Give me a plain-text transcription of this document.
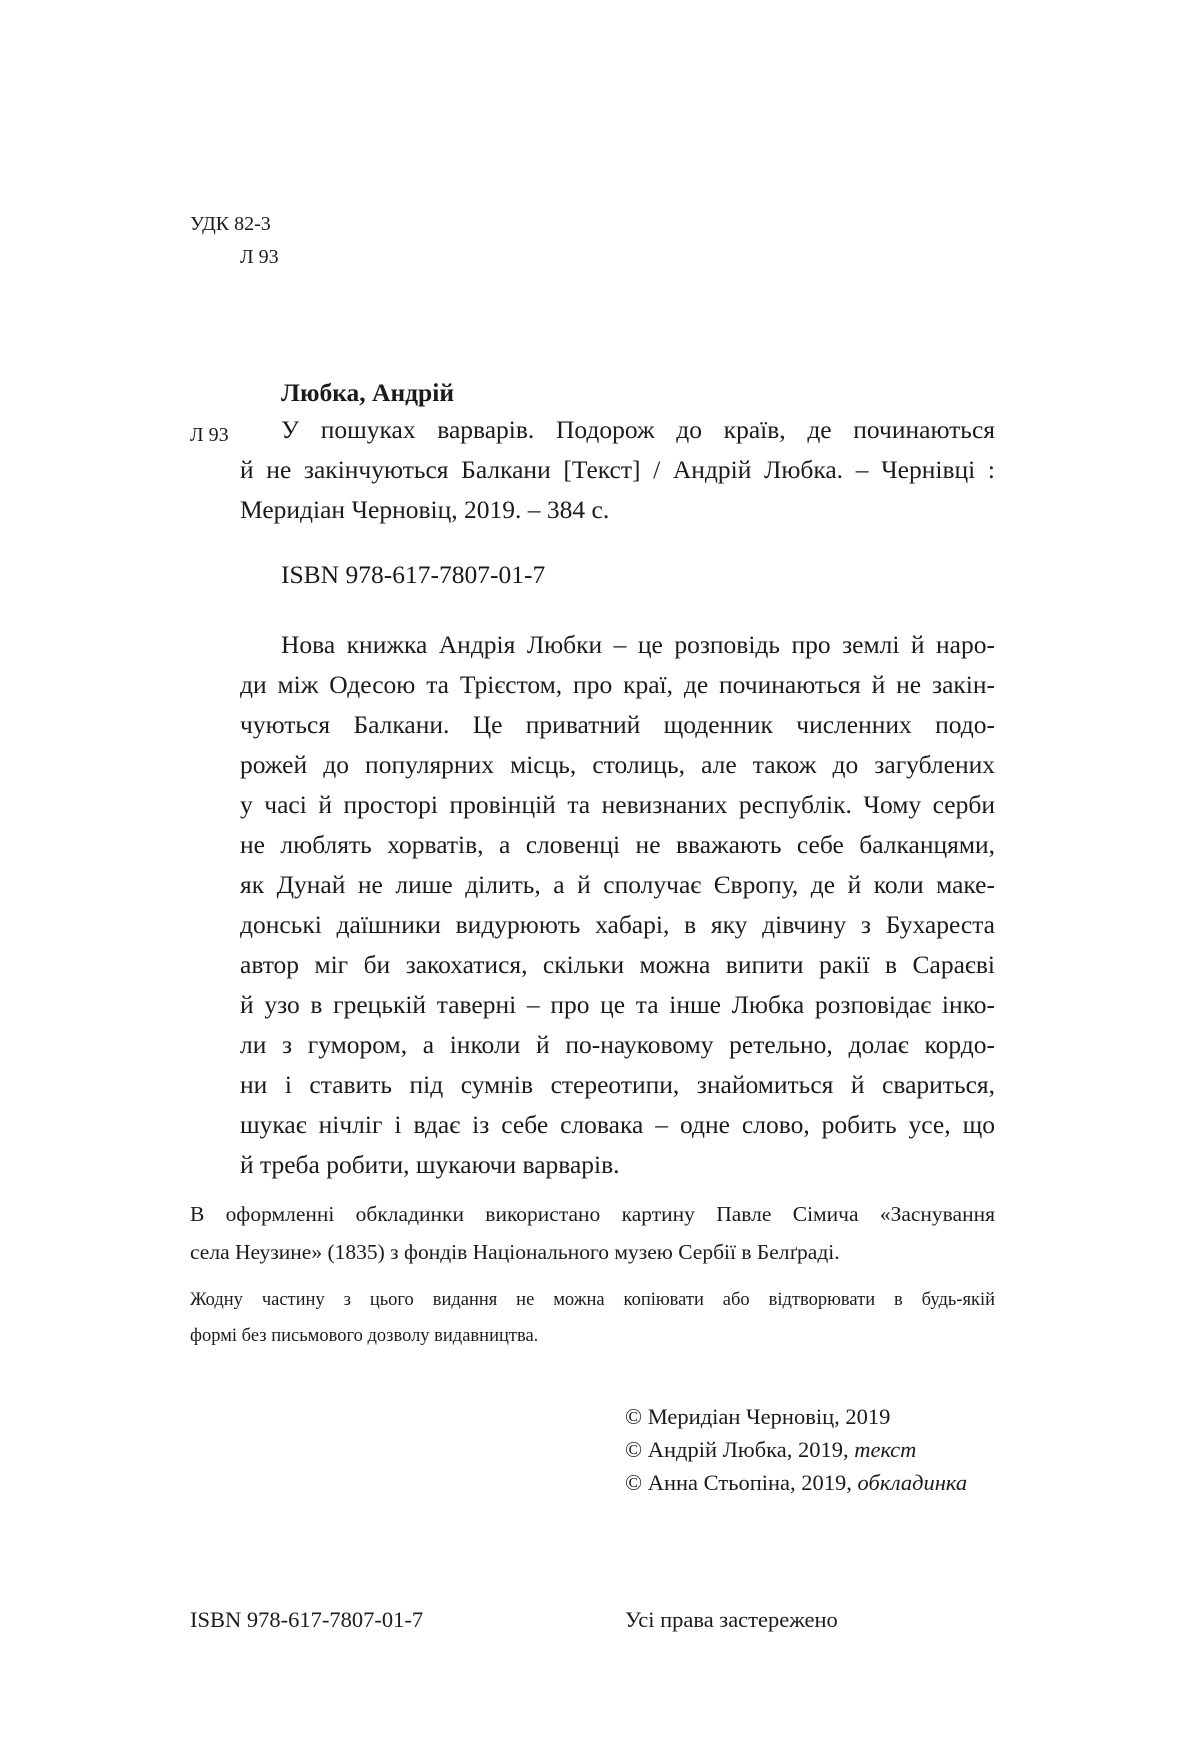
УДК 82-3
Л 93
Любка, Андрій
Л 93	У пошуках варварів. Подорож до країв, де починаються
й не закінчуються Балкани [Текст] / Андрій Любка. – Чернівці :
Меридіан Черновіц, 2019. – 384 с.
ISBN 978-617-7807-01-7
Нова книжка Андрія Любки – це розповідь про землі й наро-
ди між Одесою та Трієстом, про краї, де починаються й не закін-
чуються Балкани. Це приватний щоденник численних подо-
рожей до популярних місць, столиць, але також до загублених
у часі й просторі провінцій та невизнаних республік. Чому серби
не люблять хорватів, а словенці не вважають себе балканцями,
як Дунай не лише ділить, а й сполучає Європу, де й коли маке-
донські даїшники видурюють хабарі, в яку дівчину з Бухареста
автор міг би закохатися, скільки можна випити ракії в Сараєві
й узо в грецькій таверні – про це та інше Любка розповідає інко-
ли з гумором, а інколи й по-науковому ретельно, долає кордо-
ни і ставить під сумнів стереотипи, знайомиться й свариться,
шукає нічліг і вдає із себе словака – одне слово, робить усе, що
й треба робити, шукаючи варварів.
В оформленні обкладинки використано картину Павле Сімича «Заснування
села Неузине» (1835) з фондів Національного музею Сербії в Белґраді.
Жодну частину з цього видання не можна копіювати або відтворювати в будь-якій
формі без письмового дозволу видавництва.
© Меридіан Черновіц, 2019
© Андрій Любка, 2019, текст
© Анна Стьопіна, 2019, обкладинка
ISBN 978-617-7807-01-7	Усі права застережено
